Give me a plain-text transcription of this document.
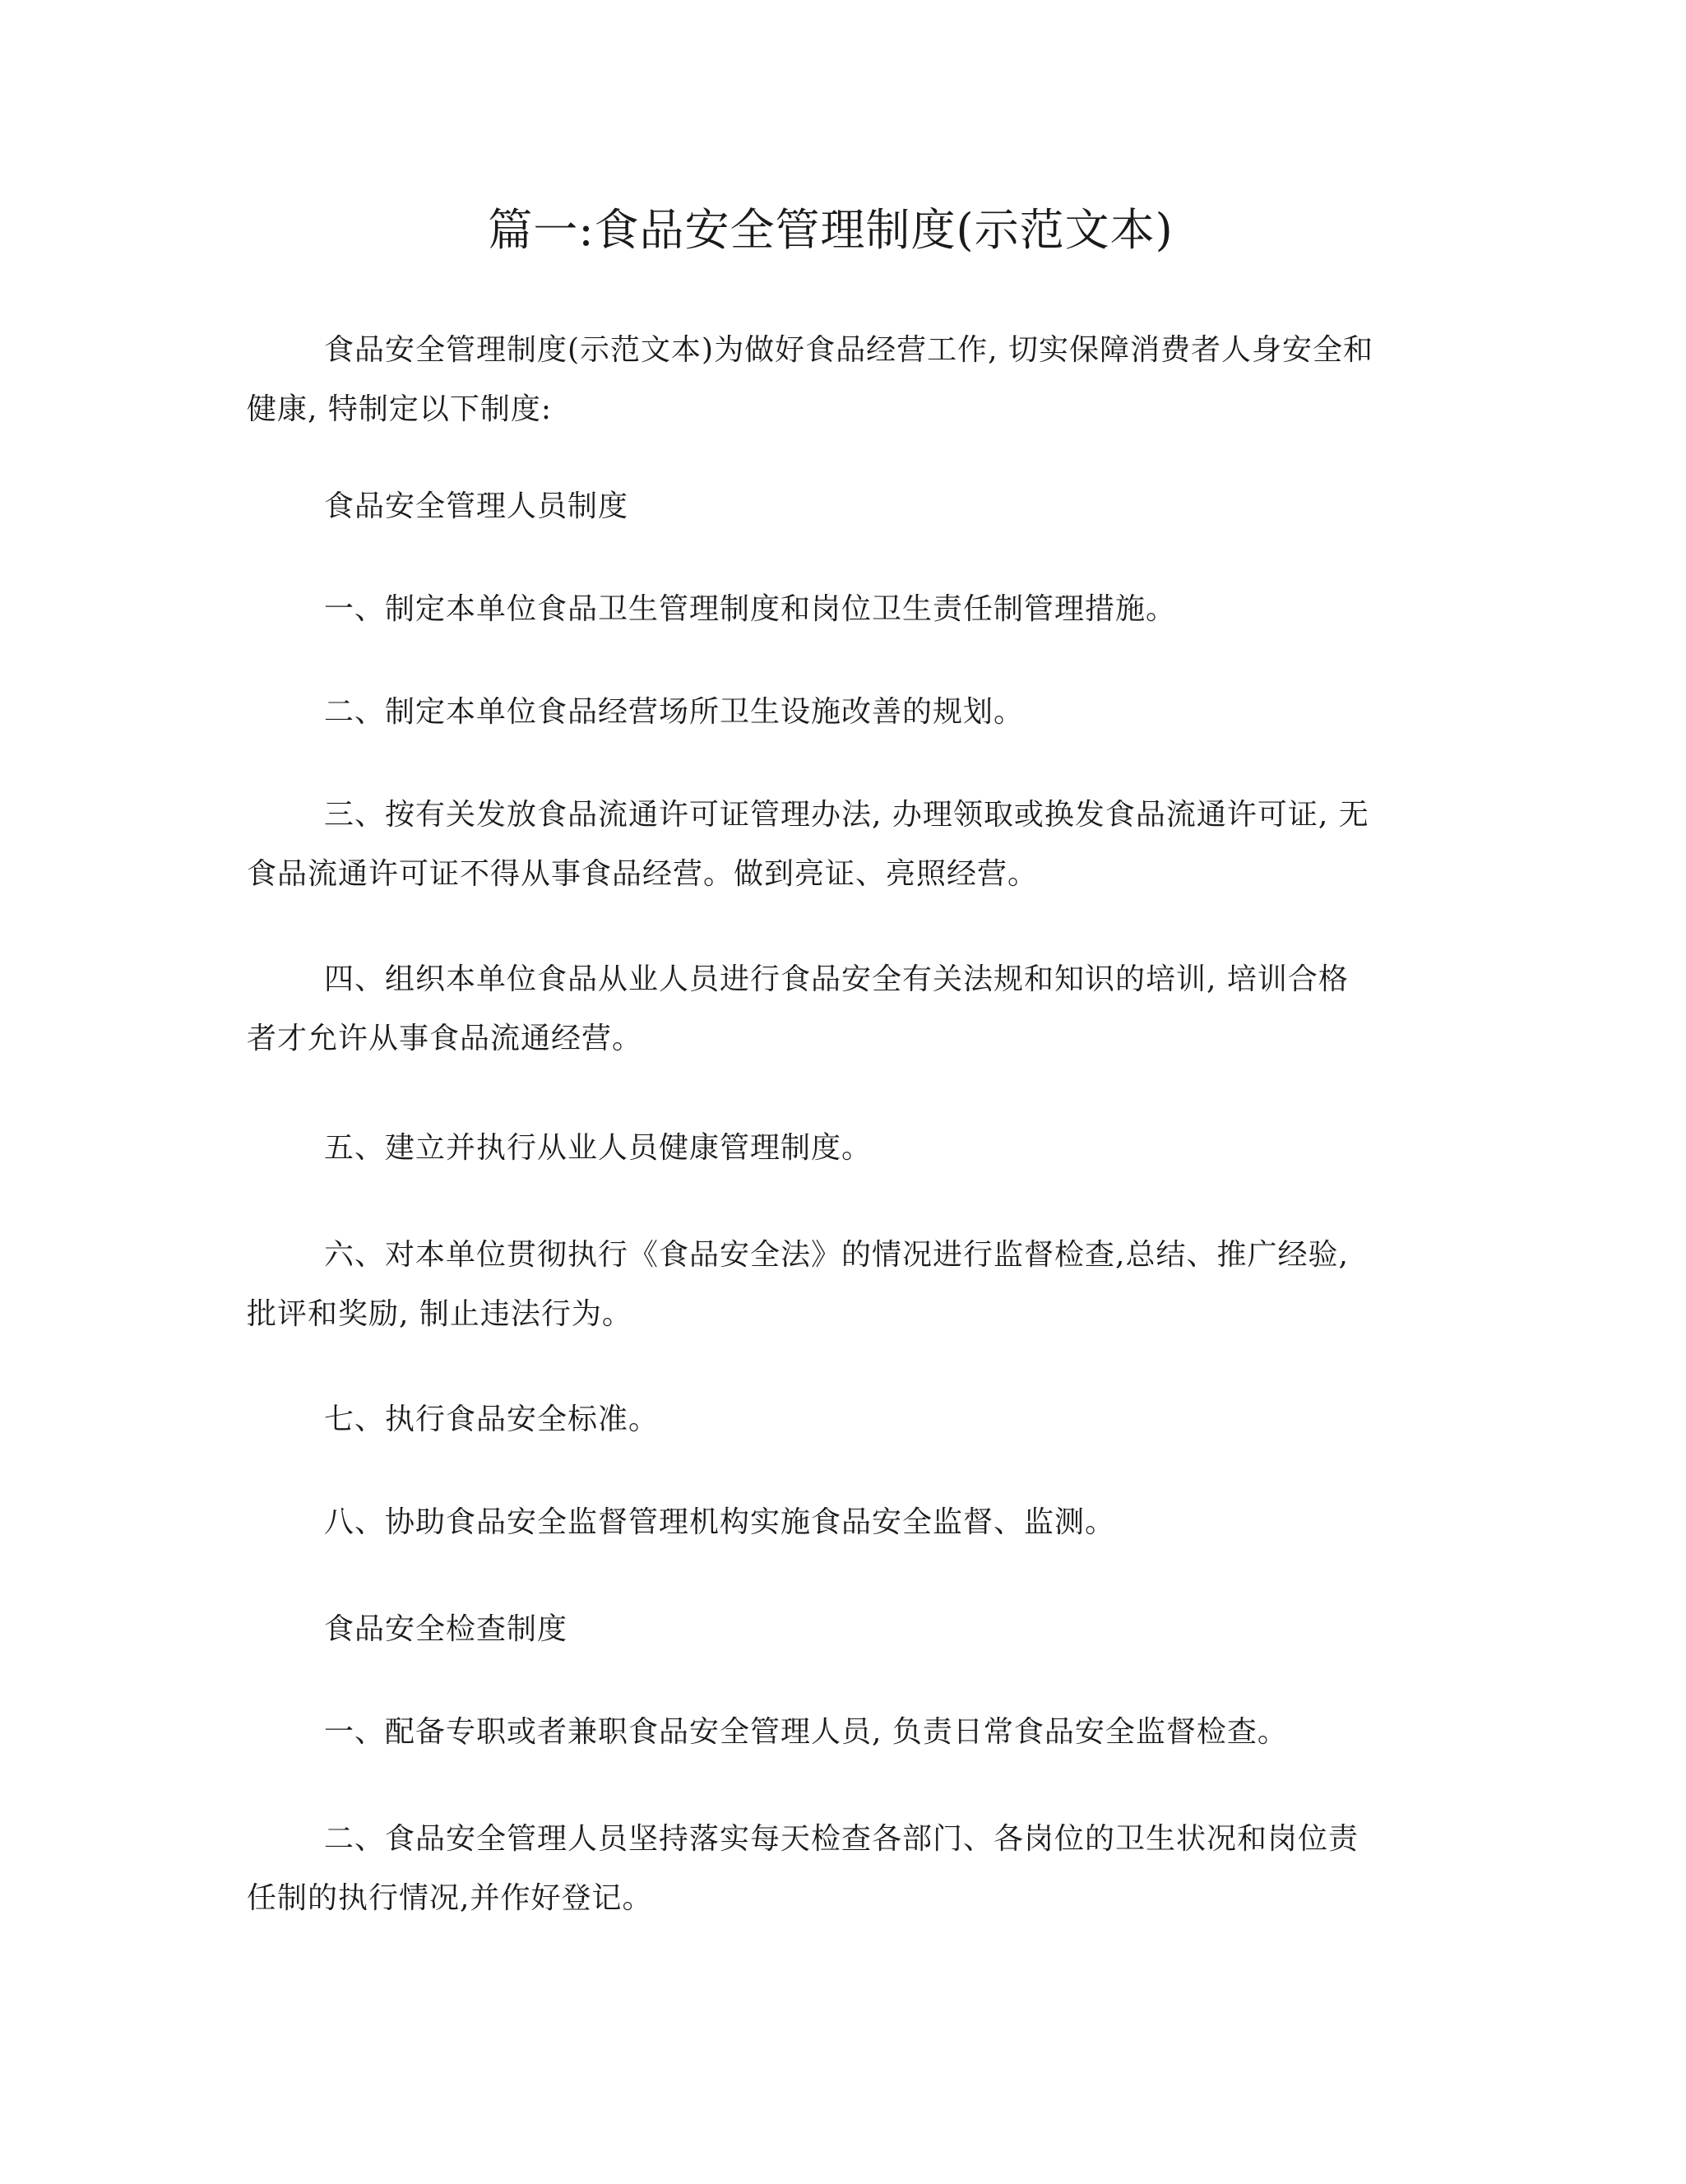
篇一:食品安全管理制度(示范文本)

食品安全管理制度(示范文本)为做好食品经营工作, 切实保障消费者人身安全和健康, 特制定以下制度:

食品安全管理人员制度

一、制定本单位食品卫生管理制度和岗位卫生责任制管理措施。

二、制定本单位食品经营场所卫生设施改善的规划。

三、按有关发放食品流通许可证管理办法, 办理领取或换发食品流通许可证, 无食品流通许可证不得从事食品经营。做到亮证、亮照经营。

四、组织本单位食品从业人员进行食品安全有关法规和知识的培训, 培训合格者才允许从事食品流通经营。

五、建立并执行从业人员健康管理制度。

六、对本单位贯彻执行《食品安全法》的情况进行监督检查,总结、推广经验, 批评和奖励, 制止违法行为。

七、执行食品安全标准。

八、协助食品安全监督管理机构实施食品安全监督、监测。

食品安全检查制度

一、配备专职或者兼职食品安全管理人员, 负责日常食品安全监督检查。

二、食品安全管理人员坚持落实每天检查各部门、各岗位的卫生状况和岗位责任制的执行情况,并作好登记。
